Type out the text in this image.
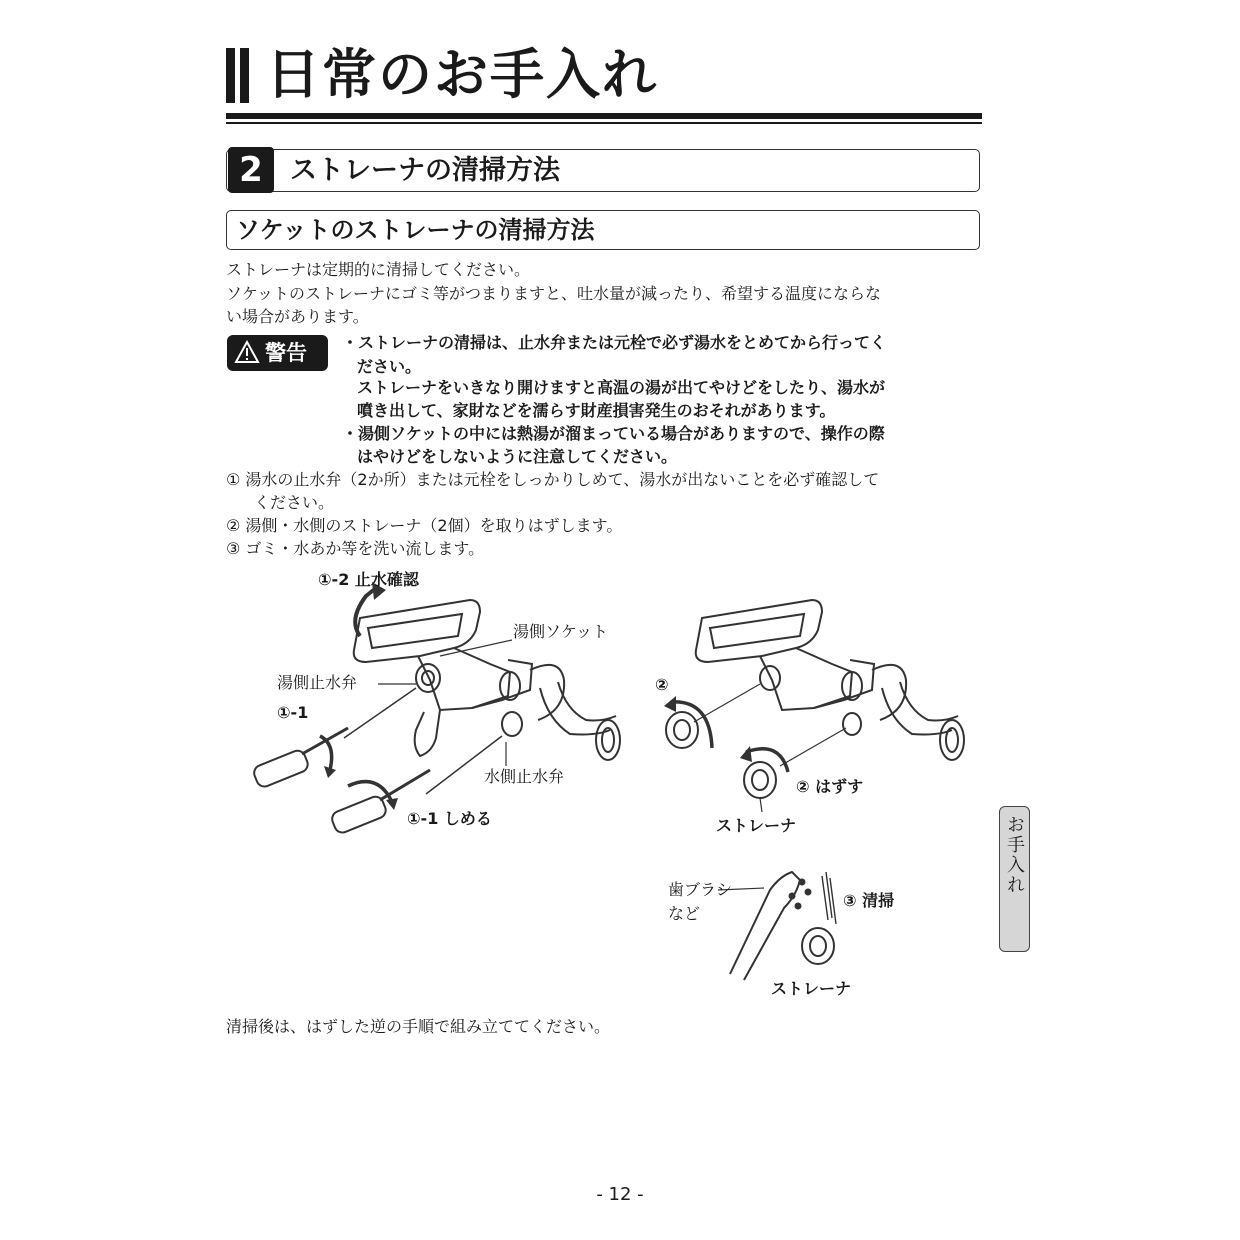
日常のお手入れ
2	ストレーナの清掃方法
ソケットのストレーナの清掃方法
ストレーナは定期的に清掃してください。
ソケットのストレーナにゴミ等がつまりますと、吐水量が減ったり、希望する温度にならな
い場合があります。
警告 ・ストレーナの清掃は、止水弁または元栓で必ず湯水をとめてから行ってく
ださい。
ストレーナをいきなり開けますと高温の湯が出てやけどをしたり、湯水が
噴き出して、家財などを濡らす財産損害発生のおそれがあります。
・湯側ソケットの中には熱湯が溜まっている場合がありますので、操作の際
はやけどをしないように注意してください。
① 湯水の止水弁（2か所）または元栓をしっかりしめて、湯水が出ないことを必ず確認して
ください。
② 湯側・水側のストレーナ（2個）を取りはずします。
③ ゴミ・水あか等を洗い流します。
①-2 止水確認
湯側ソケット
湯側止水弁
①-1
水側止水弁
①-1 しめる
②
② はずす
ストレーナ
歯ブラシ
など
③ 清掃
ストレーナ
清掃後は、はずした逆の手順で組み立ててください。
お手入れ
- 12 -
